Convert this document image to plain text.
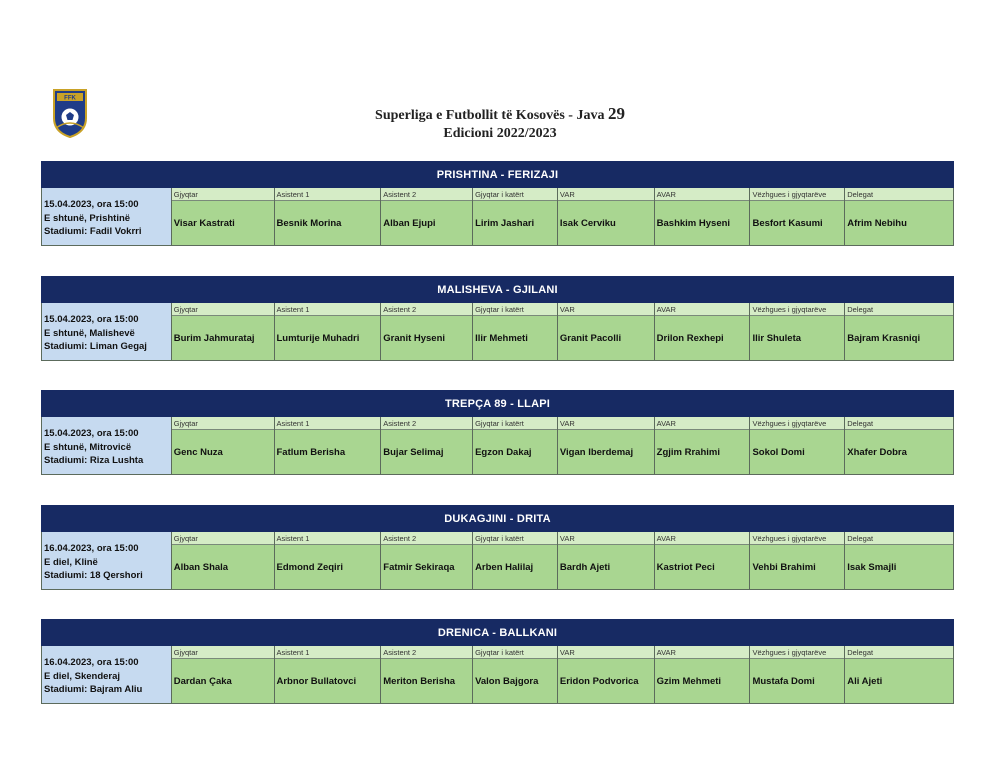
FFK
Superliga e Futbollit të Kosovës - Java 29
Edicioni 2022/2023
PRISHTINA - FERIZAJI
15.04.2023, ora 15:00
E shtunë, Prishtinë
Stadiumi: Fadil Vokrri
Gjyqtar
Visar Kastrati
Asistent 1
Besnik Morina
Asistent 2
Alban Ejupi
Gjyqtar i katërt
Lirim Jashari
VAR
Isak Cerviku
AVAR
Bashkim Hyseni
Vëzhgues i gjyqtarëve
Besfort Kasumi
Delegat
Afrim Nebihu
MALISHEVA - GJILANI
15.04.2023, ora 15:00
E shtunë, Malishevë
Stadiumi: Liman Gegaj
Gjyqtar
Burim Jahmurataj
Asistent 1
Lumturije Muhadri
Asistent 2
Granit Hyseni
Gjyqtar i katërt
Ilir Mehmeti
VAR
Granit Pacolli
AVAR
Drilon Rexhepi
Vëzhgues i gjyqtarëve
Ilir Shuleta
Delegat
Bajram Krasniqi
TREPÇA 89 - LLAPI
15.04.2023, ora 15:00
E shtunë, Mitrovicë
Stadiumi: Riza Lushta
Gjyqtar
Genc Nuza
Asistent 1
Fatlum Berisha
Asistent 2
Bujar Selimaj
Gjyqtar i katërt
Egzon Dakaj
VAR
Vigan Iberdemaj
AVAR
Zgjim Rrahimi
Vëzhgues i gjyqtarëve
Sokol Domi
Delegat
Xhafer Dobra
DUKAGJINI - DRITA
16.04.2023, ora 15:00
E diel, Klinë
Stadiumi: 18 Qershori
Gjyqtar
Alban Shala
Asistent 1
Edmond Zeqiri
Asistent 2
Fatmir Sekiraqa
Gjyqtar i katërt
Arben Halilaj
VAR
Bardh Ajeti
AVAR
Kastriot Peci
Vëzhgues i gjyqtarëve
Vehbi Brahimi
Delegat
Isak Smajli
DRENICA - BALLKANI
16.04.2023, ora 15:00
E diel, Skenderaj
Stadiumi: Bajram Aliu
Gjyqtar
Dardan Çaka
Asistent 1
Arbnor Bullatovci
Asistent 2
Meriton Berisha
Gjyqtar i katërt
Valon Bajgora
VAR
Eridon Podvorica
AVAR
Gzim Mehmeti
Vëzhgues i gjyqtarëve
Mustafa Domi
Delegat
Ali Ajeti
